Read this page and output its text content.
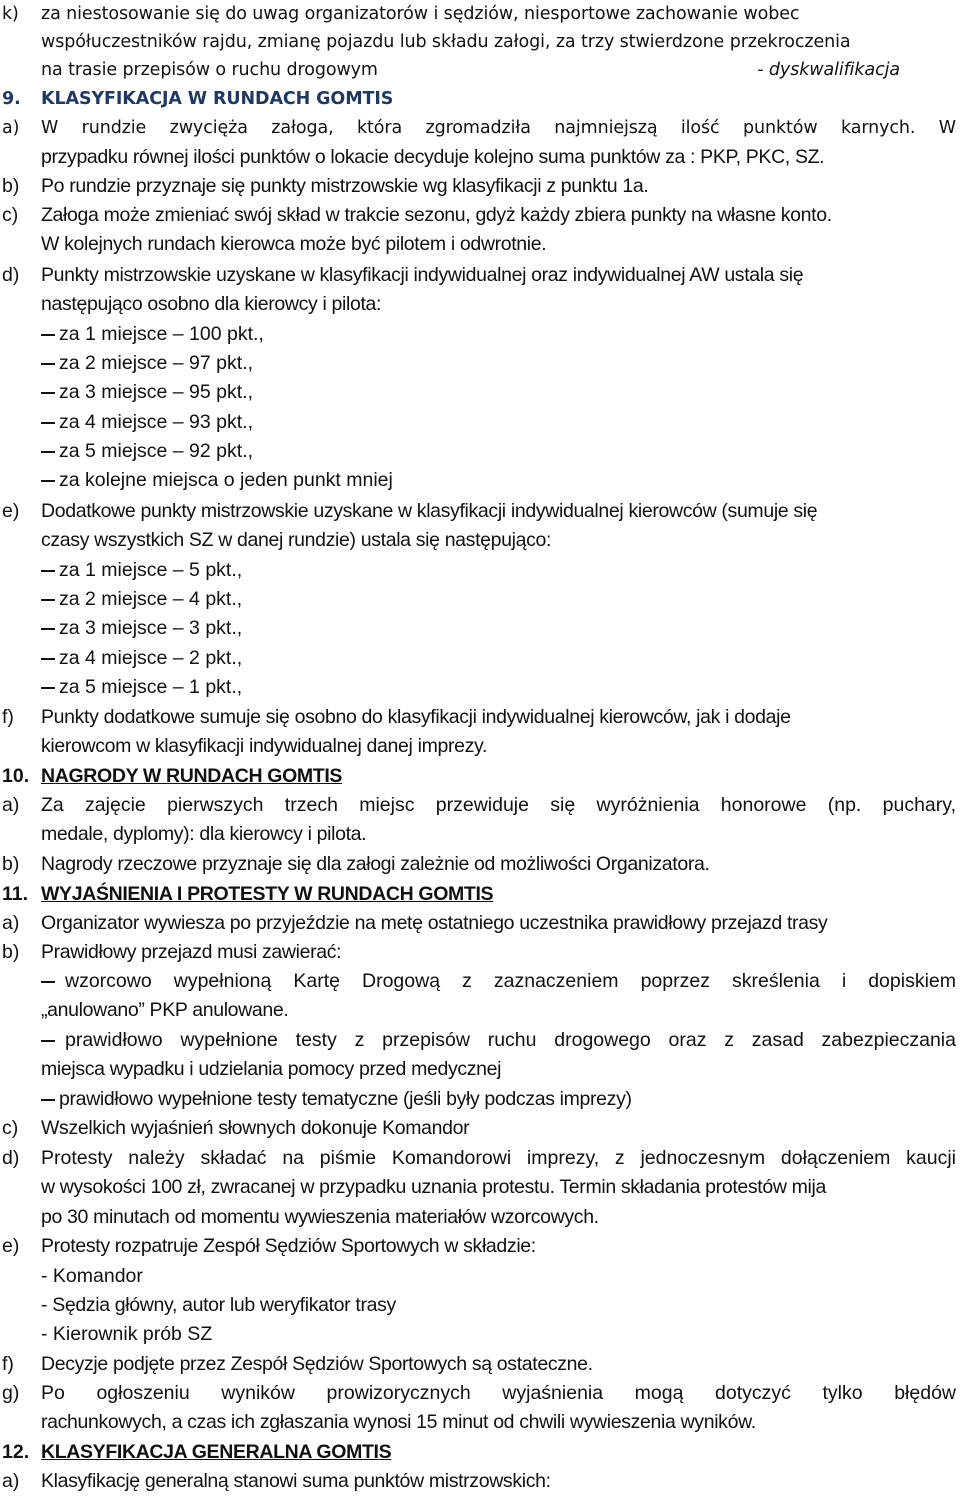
k) za niestosowanie się do uwag organizatorów i sędziów, niesportowe zachowanie wobec
współuczestników rajdu, zmianę pojazdu lub składu załogi, za trzy stwierdzone przekroczenia
na trasie przepisów o ruchu drogowym	- dyskwalifikacja
9. KLASYFIKACJA W RUNDACH GOMTIS
a) W rundzie zwycięża załoga, która zgromadziła najmniejszą ilość punktów karnych. W
przypadku równej ilości punktów o lokacie decyduje kolejno suma punktów za : PKP, PKC, SZ.
b) Po rundzie przyznaje się punkty mistrzowskie wg klasyfikacji z punktu 1a.
c) Załoga może zmieniać swój skład w trakcie sezonu, gdyż każdy zbiera punkty na własne konto.
W kolejnych rundach kierowca może być pilotem i odwrotnie.
d) Punkty mistrzowskie uzyskane w klasyfikacji indywidualnej oraz indywidualnej AW ustala się
następująco osobno dla kierowcy i pilota:
za 1 miejsce – 100 pkt.,
za 2 miejsce – 97 pkt.,
za 3 miejsce – 95 pkt.,
za 4 miejsce – 93 pkt.,
za 5 miejsce – 92 pkt.,
za kolejne miejsca o jeden punkt mniej
e) Dodatkowe punkty mistrzowskie uzyskane w klasyfikacji indywidualnej kierowców (sumuje się
czasy wszystkich SZ w danej rundzie) ustala się następująco:
za 1 miejsce – 5 pkt.,
za 2 miejsce – 4 pkt.,
za 3 miejsce – 3 pkt.,
za 4 miejsce – 2 pkt.,
za 5 miejsce – 1 pkt.,
f) Punkty dodatkowe sumuje się osobno do klasyfikacji indywidualnej kierowców, jak i dodaje
kierowcom w klasyfikacji indywidualnej danej imprezy.
10. NAGRODY W RUNDACH GOMTIS
a) Za zajęcie pierwszych trzech miejsc przewiduje się wyróżnienia honorowe (np. puchary,
medale, dyplomy): dla kierowcy i pilota.
b) Nagrody rzeczowe przyznaje się dla załogi zależnie od możliwości Organizatora.
11. WYJAŚNIENIA I PROTESTY W RUNDACH GOMTIS
a) Organizator wywiesza po przyjeździe na metę ostatniego uczestnika prawidłowy przejazd trasy
b) Prawidłowy przejazd musi zawierać:
wzorcowo wypełnioną Kartę Drogową z zaznaczeniem poprzez skreślenia i dopiskiem
„anulowano” PKP anulowane.
prawidłowo wypełnione testy z przepisów ruchu drogowego oraz z zasad zabezpieczania
miejsca wypadku i udzielania pomocy przed medycznej
prawidłowo wypełnione testy tematyczne (jeśli były podczas imprezy)
c) Wszelkich wyjaśnień słownych dokonuje Komandor
d) Protesty należy składać na piśmie Komandorowi imprezy, z jednoczesnym dołączeniem kaucji
w wysokości 100 zł, zwracanej w przypadku uznania protestu. Termin składania protestów mija
po 30 minutach od momentu wywieszenia materiałów wzorcowych.
e) Protesty rozpatruje Zespół Sędziów Sportowych w składzie:
- Komandor
- Sędzia główny, autor lub weryfikator trasy
- Kierownik prób SZ
f) Decyzje podjęte przez Zespół Sędziów Sportowych są ostateczne.
g) Po ogłoszeniu wyników prowizorycznych wyjaśnienia mogą dotyczyć tylko błędów
rachunkowych, a czas ich zgłaszania wynosi 15 minut od chwili wywieszenia wyników.
12. KLASYFIKACJA GENERALNA GOMTIS
a) Klasyfikację generalną stanowi suma punktów mistrzowskich:
